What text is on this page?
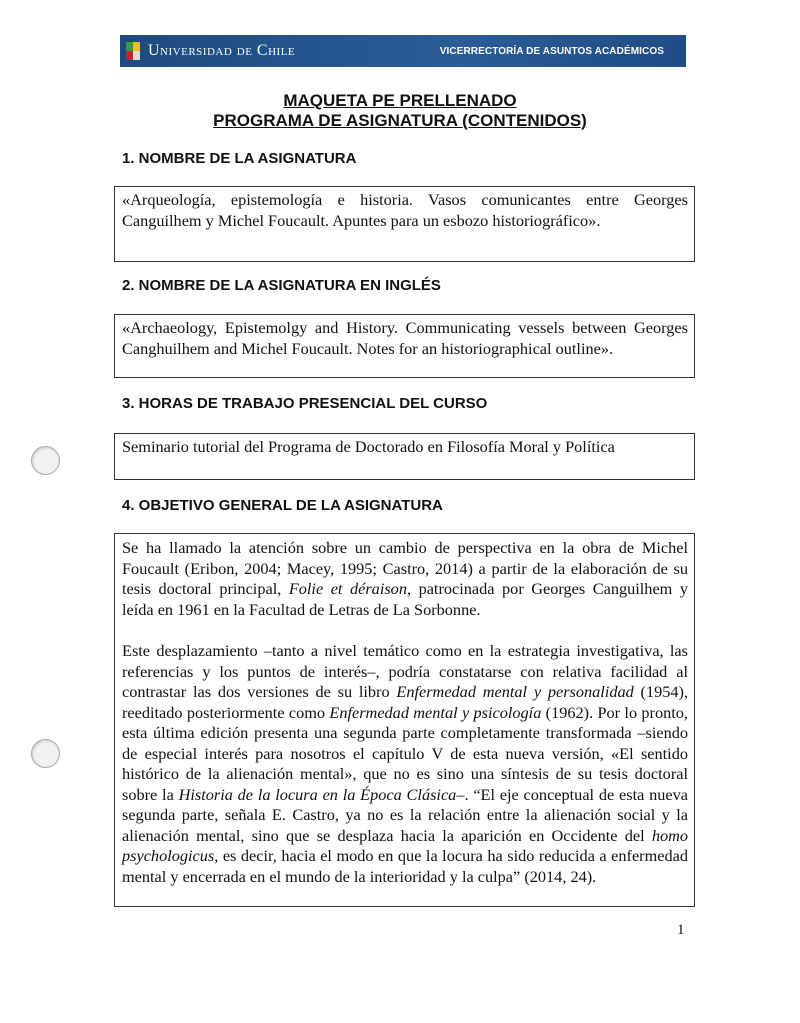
Universidad de Chile	VICERRECTORÍA DE ASUNTOS ACADÉMICOS
MAQUETA PE PRELLENADO
PROGRAMA DE ASIGNATURA (CONTENIDOS)
1. NOMBRE DE LA ASIGNATURA

«Arqueología, epistemología e historia. Vasos comunicantes entre Georges Canguilhem y Michel Foucault. Apuntes para un esbozo historiográfico».

2. NOMBRE DE LA ASIGNATURA EN INGLÉS

«Archaeology, Epistemolgy and History. Communicating vessels between Georges Canghuilhem and Michel Foucault. Notes for an historiographical outline».

3. HORAS DE TRABAJO PRESENCIAL DEL CURSO

Seminario tutorial del Programa de Doctorado en Filosofía Moral y Política

4. OBJETIVO GENERAL DE LA ASIGNATURA

Se ha llamado la atención sobre un cambio de perspectiva en la obra de Michel Foucault (Eribon, 2004; Macey, 1995; Castro, 2014) a partir de la elaboración de su tesis doctoral principal, Folie et déraison, patrocinada por Georges Canguilhem y leída en 1961 en la Facultad de Letras de La Sorbonne.

Este desplazamiento –tanto a nivel temático como en la estrategia investigativa, las referencias y los puntos de interés–, podría constatarse con relativa facilidad al contrastar las dos versiones de su libro Enfermedad mental y personalidad (1954), reeditado posteriormente como Enfermedad mental y psicología (1962). Por lo pronto, esta última edición presenta una segunda parte completamente transformada –siendo de especial interés para nosotros el capítulo V de esta nueva versión, «El sentido histórico de la alienación mental», que no es sino una síntesis de su tesis doctoral sobre la Historia de la locura en la Época Clásica–. “El eje conceptual de esta nueva segunda parte, señala E. Castro, ya no es la relación entre la alienación social y la alienación mental, sino que se desplaza hacia la aparición en Occidente del homo psychologicus, es decir, hacia el modo en que la locura ha sido reducida a enfermedad mental y encerrada en el mundo de la interioridad y la culpa” (2014, 24).

1
